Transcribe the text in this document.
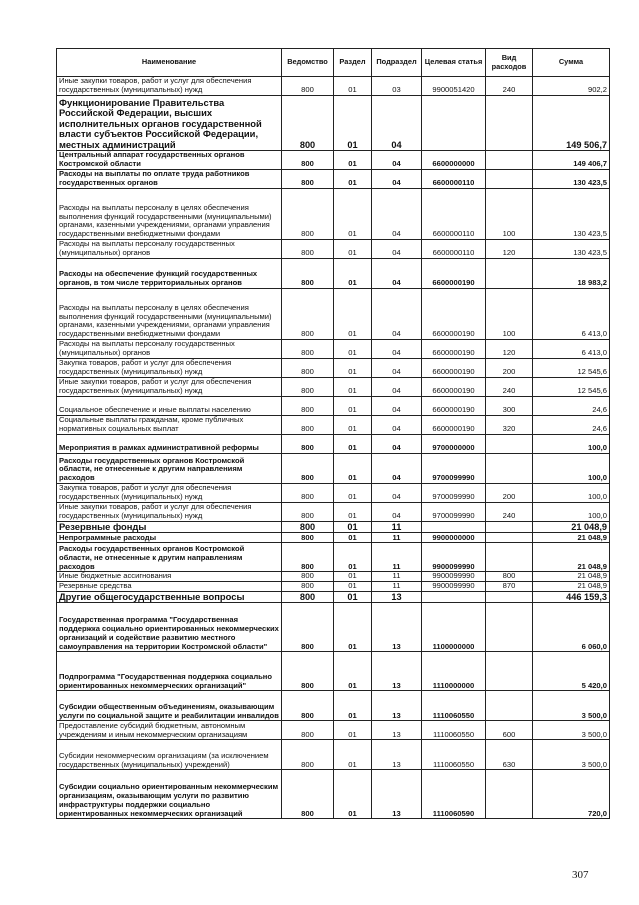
Наименование	Ведомство	Раздел	Подраздел	Целевая статья	Вид расходов	Сумма
Иные закупки товаров, работ и услуг для обеспечения государственных (муниципальных) нужд	800	01	03	9900051420	240	902,2
Функционирование Правительства Российской Федерации, высших исполнительных органов государственной власти субъектов Российской Федерации, местных администраций	800	01	04			149 506,7
Центральный аппарат государственных органов Костромской области	800	01	04	6600000000		149 406,7
Расходы на выплаты по оплате труда работников государственных органов	800	01	04	6600000110		130 423,5
Расходы на выплаты персоналу в целях обеспечения выполнения функций государственными (муниципальными) органами, казенными учреждениями, органами управления государственными внебюджетными фондами	800	01	04	6600000110	100	130 423,5
Расходы на выплаты персоналу государственных (муниципальных) органов	800	01	04	6600000110	120	130 423,5
Расходы на обеспечение функций государственных органов, в том числе территориальных органов	800	01	04	6600000190		18 983,2
Расходы на выплаты персоналу в целях обеспечения выполнения функций государственными (муниципальными) органами, казенными учреждениями, органами управления государственными внебюджетными фондами	800	01	04	6600000190	100	6 413,0
Расходы на выплаты персоналу государственных (муниципальных) органов	800	01	04	6600000190	120	6 413,0
Закупка товаров, работ и услуг для обеспечения государственных (муниципальных) нужд	800	01	04	6600000190	200	12 545,6
Иные закупки товаров, работ и услуг для обеспечения государственных (муниципальных) нужд	800	01	04	6600000190	240	12 545,6
Социальное обеспечение и иные выплаты населению	800	01	04	6600000190	300	24,6
Социальные выплаты гражданам, кроме публичных нормативных социальных выплат	800	01	04	6600000190	320	24,6
Мероприятия в рамках административной реформы	800	01	04	9700000000		100,0
Расходы государственных органов Костромской области, не отнесенные к другим направлениям расходов	800	01	04	9700099990		100,0
Закупка товаров, работ и услуг для обеспечения государственных (муниципальных) нужд	800	01	04	9700099990	200	100,0
Иные закупки товаров, работ и услуг для обеспечения государственных (муниципальных) нужд	800	01	04	9700099990	240	100,0
Резервные фонды	800	01	11			21 048,9
Непрограммные расходы	800	01	11	9900000000		21 048,9
Расходы государственных органов Костромской области, не отнесенные к другим направлениям расходов	800	01	11	9900099990		21 048,9
Иные бюджетные ассигнования	800	01	11	9900099990	800	21 048,9
Резервные средства	800	01	11	9900099990	870	21 048,9
Другие общегосударственные вопросы	800	01	13			446 159,3
Государственная программа "Государственная поддержка социально ориентированных некоммерческих организаций и содействие развитию местного самоуправления на территории Костромской области"	800	01	13	1100000000		6 060,0
Подпрограмма "Государственная поддержка социально ориентированных некоммерческих организаций"	800	01	13	1110000000		5 420,0
Субсидии общественным объединениям, оказывающим услуги по социальной защите и реабилитации инвалидов	800	01	13	1110060550		3 500,0
Предоставление субсидий бюджетным, автономным учреждениям и иным некоммерческим организациям	800	01	13	1110060550	600	3 500,0
Субсидии некоммерческим организациям (за исключением государственных (муниципальных) учреждений)	800	01	13	1110060550	630	3 500,0
Субсидии социально ориентированным некоммерческим организациям, оказывающим услуги по развитию инфраструктуры поддержки социально ориентированных некоммерческих организаций	800	01	13	1110060590		720,0
307
